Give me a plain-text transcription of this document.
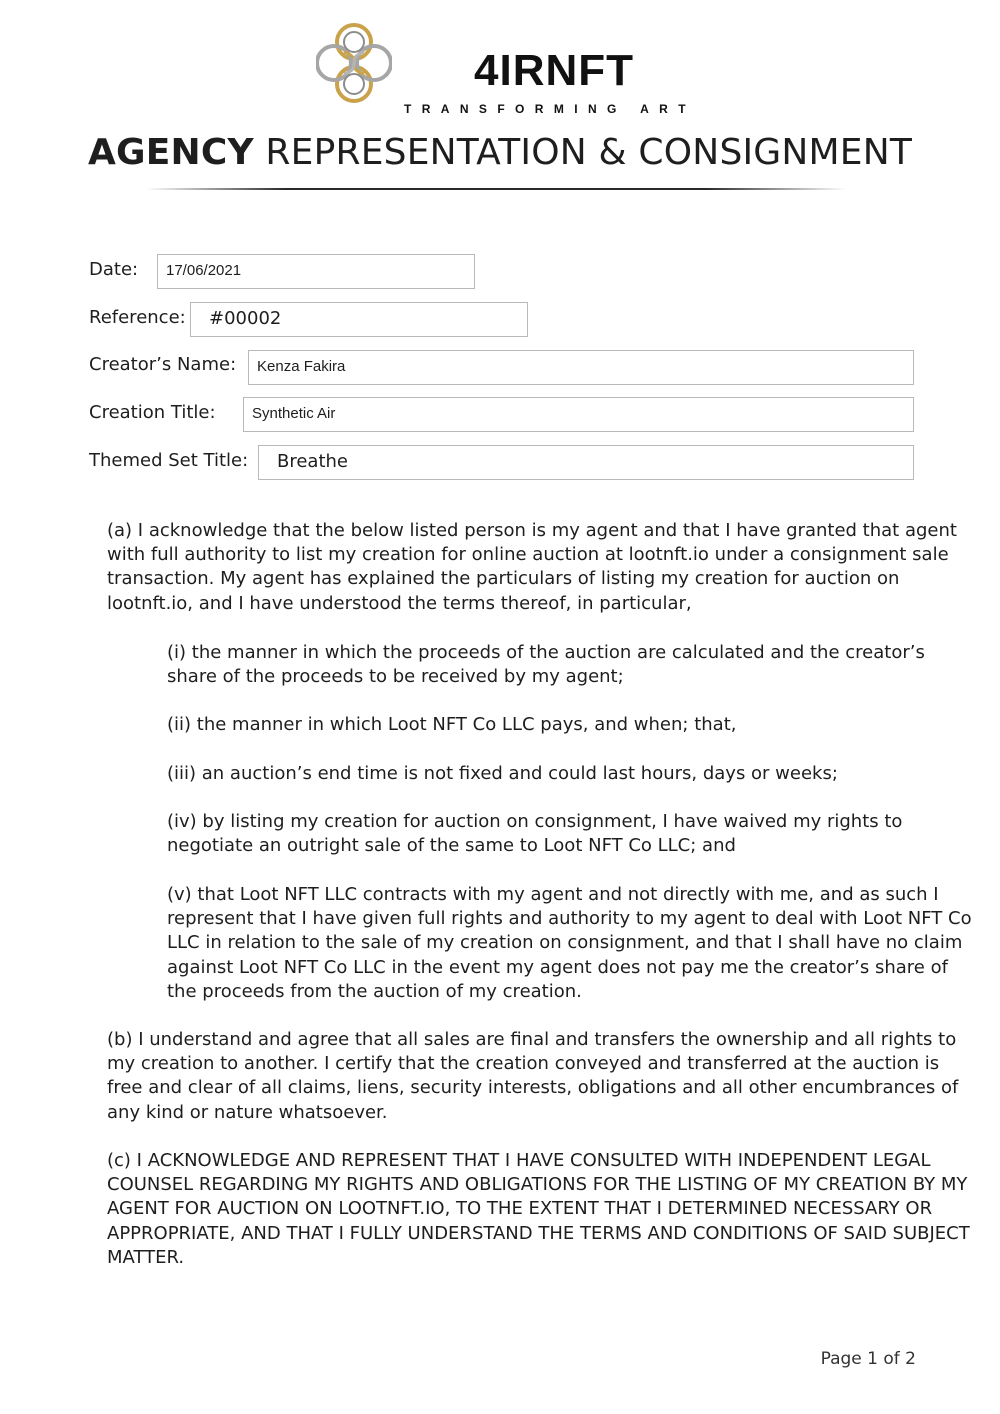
4IRNFT
TRANSFORMING ART
AGENCY REPRESENTATION & CONSIGNMENT
Date:	17/06/2021
Reference:	#00002
Creator’s Name:	Kenza Fakira
Creation Title:	Synthetic Air
Themed Set Title:	Breathe

(a) I acknowledge that the below listed person is my agent and that I have granted that agent with full authority to list my creation for online auction at lootnft.io under a consignment sale transaction. My agent has explained the particulars of listing my creation for auction on lootnft.io, and I have understood the terms thereof, in particular,

(i) the manner in which the proceeds of the auction are calculated and the creator’s share of the proceeds to be received by my agent;

(ii) the manner in which Loot NFT Co LLC pays, and when; that,

(iii) an auction’s end time is not fixed and could last hours, days or weeks;

(iv) by listing my creation for auction on consignment, I have waived my rights to negotiate an outright sale of the same to Loot NFT Co LLC; and

(v) that Loot NFT LLC contracts with my agent and not directly with me, and as such I represent that I have given full rights and authority to my agent to deal with Loot NFT Co LLC in relation to the sale of my creation on consignment, and that I shall have no claim against Loot NFT Co LLC in the event my agent does not pay me the creator’s share of the proceeds from the auction of my creation.

(b) I understand and agree that all sales are final and transfers the ownership and all rights to my creation to another. I certify that the creation conveyed and transferred at the auction is free and clear of all claims, liens, security interests, obligations and all other encumbrances of any kind or nature whatsoever.

(c) I ACKNOWLEDGE AND REPRESENT THAT I HAVE CONSULTED WITH INDEPENDENT LEGAL COUNSEL REGARDING MY RIGHTS AND OBLIGATIONS FOR THE LISTING OF MY CREATION BY MY AGENT FOR AUCTION ON LOOTNFT.IO, TO THE EXTENT THAT I DETERMINED NECESSARY OR APPROPRIATE, AND THAT I FULLY UNDERSTAND THE TERMS AND CONDITIONS OF SAID SUBJECT MATTER.

Page 1 of 2
